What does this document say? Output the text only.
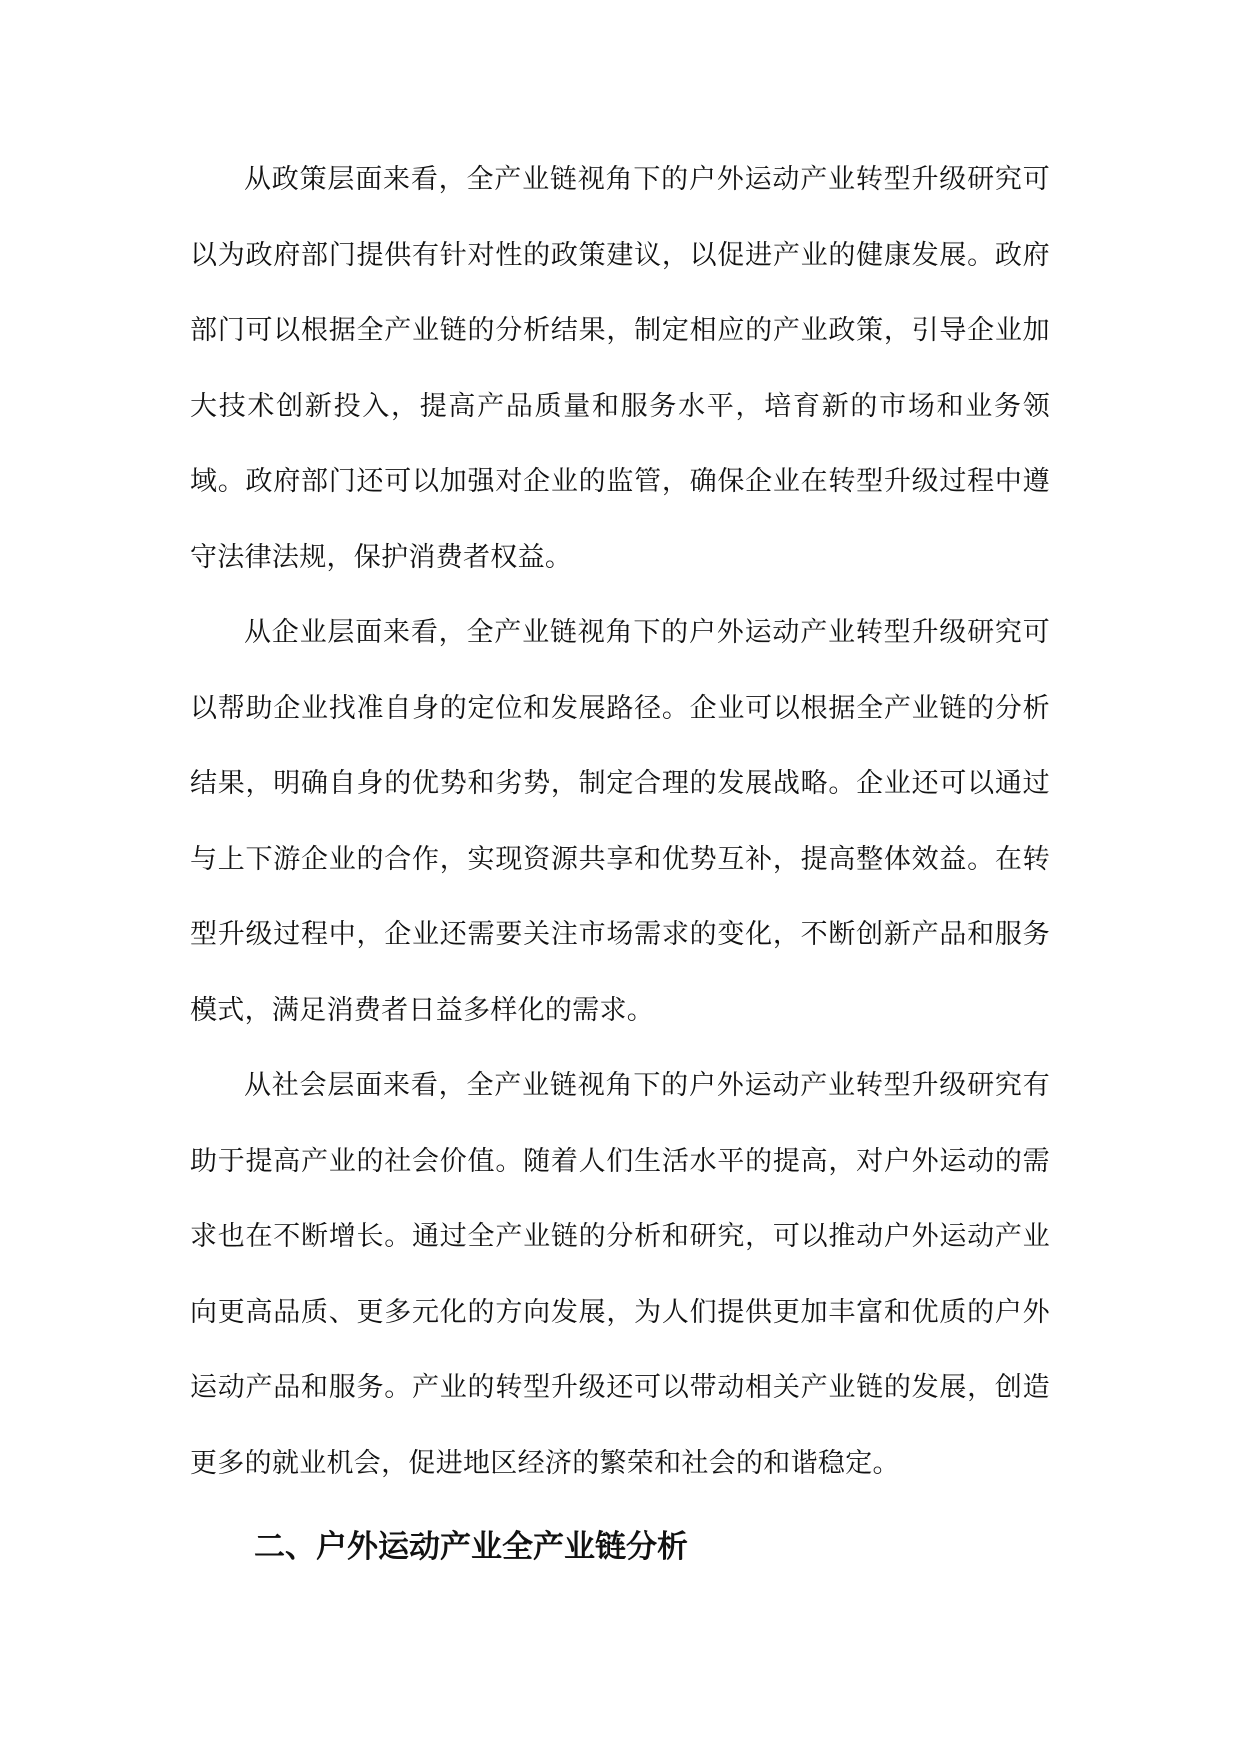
从政策层面来看，全产业链视角下的户外运动产业转型升级研究可以为政府部门提供有针对性的政策建议，以促进产业的健康发展。政府部门可以根据全产业链的分析结果，制定相应的产业政策，引导企业加大技术创新投入，提高产品质量和服务水平，培育新的市场和业务领域。政府部门还可以加强对企业的监管，确保企业在转型升级过程中遵守法律法规，保护消费者权益。

从企业层面来看，全产业链视角下的户外运动产业转型升级研究可以帮助企业找准自身的定位和发展路径。企业可以根据全产业链的分析结果，明确自身的优势和劣势，制定合理的发展战略。企业还可以通过与上下游企业的合作，实现资源共享和优势互补，提高整体效益。在转型升级过程中，企业还需要关注市场需求的变化，不断创新产品和服务模式，满足消费者日益多样化的需求。

从社会层面来看，全产业链视角下的户外运动产业转型升级研究有助于提高产业的社会价值。随着人们生活水平的提高，对户外运动的需求也在不断增长。通过全产业链的分析和研究，可以推动户外运动产业向更高品质、更多元化的方向发展，为人们提供更加丰富和优质的户外运动产品和服务。产业的转型升级还可以带动相关产业链的发展，创造更多的就业机会，促进地区经济的繁荣和社会的和谐稳定。

二、户外运动产业全产业链分析
